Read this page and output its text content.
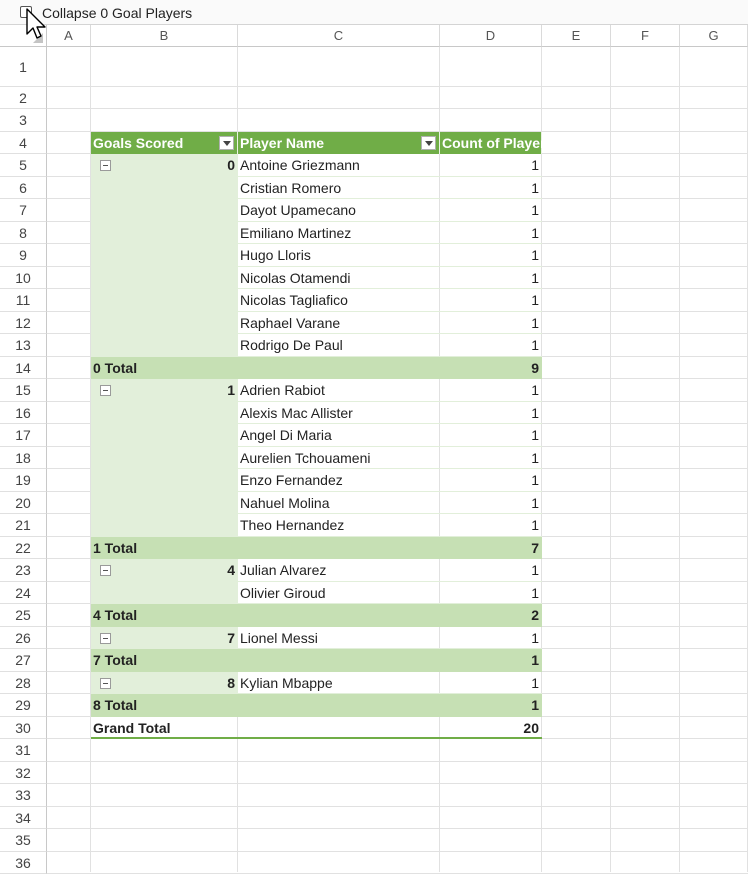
Collapse 0 Goal Players
A	B	C	D	E	F	G
1
2
3
4
5
6
7
8
9
10
11
12
13
14
15
16
17
18
19
20
21
22
23
24
25
26
27
28
29
30
31
32
33
34
35
36
Goals Scored	Player Name	Count of Players
0 Antoine Griezmann	1
Cristian Romero	1
Dayot Upamecano	1
Emiliano Martinez	1
Hugo Lloris	1
Nicolas Otamendi	1
Nicolas Tagliafico	1
Raphael Varane	1
Rodrigo De Paul	1
0 Total	9
1 Adrien Rabiot	1
Alexis Mac Allister	1
Angel Di Maria	1
Aurelien Tchouameni	1
Enzo Fernandez	1
Nahuel Molina	1
Theo Hernandez	1
1 Total	7
4 Julian Alvarez	1
Olivier Giroud	1
4 Total	2
7 Lionel Messi	1
7 Total	1
8 Kylian Mbappe	1
8 Total	1
Grand Total	20
